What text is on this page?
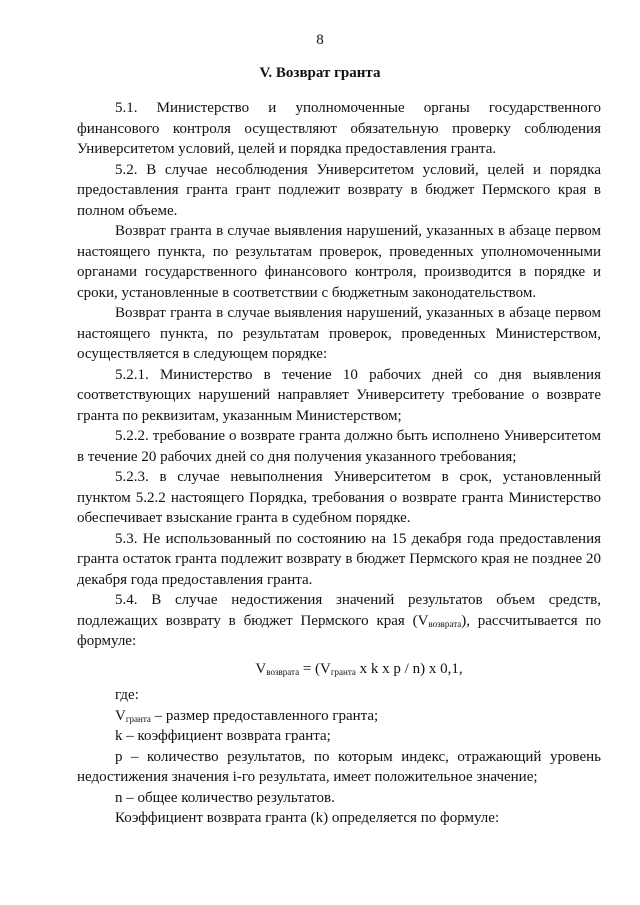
8
V. Возврат гранта

5.1. Министерство и уполномоченные органы государственного финансового контроля осуществляют обязательную проверку соблюдения Университетом условий, целей и порядка предоставления гранта.

5.2. В случае несоблюдения Университетом условий, целей и порядка предоставления гранта грант подлежит возврату в бюджет Пермского края в полном объеме.

Возврат гранта в случае выявления нарушений, указанных в абзаце первом настоящего пункта, по результатам проверок, проведенных уполномоченными органами государственного финансового контроля, производится в порядке и сроки, установленные в соответствии с бюджетным законодательством.

Возврат гранта в случае выявления нарушений, указанных в абзаце первом настоящего пункта, по результатам проверок, проведенных Министерством, осуществляется в следующем порядке:

5.2.1. Министерство в течение 10 рабочих дней со дня выявления соответствующих нарушений направляет Университету требование о возврате гранта по реквизитам, указанным Министерством;

5.2.2. требование о возврате гранта должно быть исполнено Университетом в течение 20 рабочих дней со дня получения указанного требования;

5.2.3. в случае невыполнения Университетом в срок, установленный пунктом 5.2.2 настоящего Порядка, требования о возврате гранта Министерство обеспечивает взыскание гранта в судебном порядке.

5.3. Не использованный по состоянию на 15 декабря года предоставления гранта остаток гранта подлежит возврату в бюджет Пермского края не позднее 20 декабря года предоставления гранта.

5.4. В случае недостижения значений результатов объем средств, подлежащих возврату в бюджет Пермского края $(V_{возврата})$, рассчитывается по формуле:

$V_{возврата} = (V_{гранта}$ x k x p / n) x 0,1,

где:

$V_{гранта}$ – размер предоставленного гранта;

k – коэффициент возврата гранта;

p – количество результатов, по которым индекс, отражающий уровень недостижения значения i-го результата, имеет положительное значение;

n – общее количество результатов.

Коэффициент возврата гранта (k) определяется по формуле:
